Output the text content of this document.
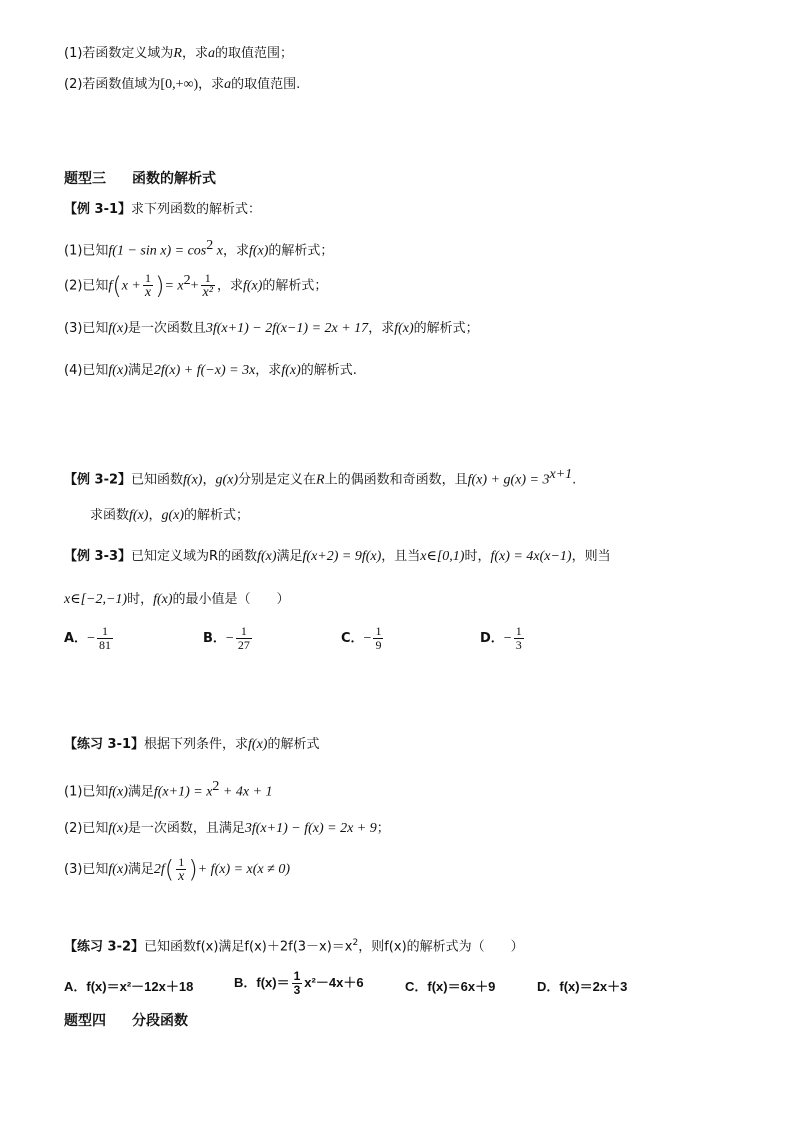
(1)若函数定义域为R，求a的取值范围；
(2)若函数值域为[0,+∞)，求a的取值范围.
题型三 函数的解析式
【例 3-1】求下列函数的解析式：
(1)已知$f(1 - \sin x) = \cos^2 x$，求f(x)的解析式；
(2)已知$f(x + \frac{1}{x}$ )= $x^2+ \frac{1}{\text{x²}}$ ，求f(x)的解析式；
(3)已知f(x)是一次函数且3f(x+1) − 2f(x−1) = 2x + 17，求f(x)的解析式；
(4)已知f(x)满足2f(x) + f(−x) = 3x，求f(x)的解析式.
【例 3-2】已知函数f(x)，g(x)分别是定义在R上的偶函数和奇函数，且$f(x) + g(x) = 3^{x+1}$.
求函数f(x)，g(x)的解析式；
【例 3-3】已知定义域为R的函数f(x)满足f(x+2) = 9f(x)，且当x∈[0,1)时，f(x) = 4x(x−1)，则当
x∈[−2,−1)时，f(x)的最小值是（　　）
A．− $\frac{1}{81}$	B．− $\frac{1}{27}$	C．− $\frac{1}{9}$	D．− $\frac{1}{3}$
【练习 3-1】根据下列条件，求f(x)的解析式
(1)已知f(x)满足$f(x+1) = x^2 + 4x + 1$
(2)已知f(x)是一次函数，且满足3f(x+1) − f(x) = 2x + 9；
(3)已知f(x)满足$2f( \frac{1}{x}$ )+ f(x) = x(x ≠ 0)
【练习 3-2】已知函数f(x)满足$f(x)+2f(3-x)=x^2$，则f(x)的解析式为（　　）
A．f(x)＝x²－12x＋18	B．$f(x)= \frac{1}{3} x^2-4x+6$	C．f(x)＝6x＋9	D．f(x)＝2x＋3
题型四 分段函数
